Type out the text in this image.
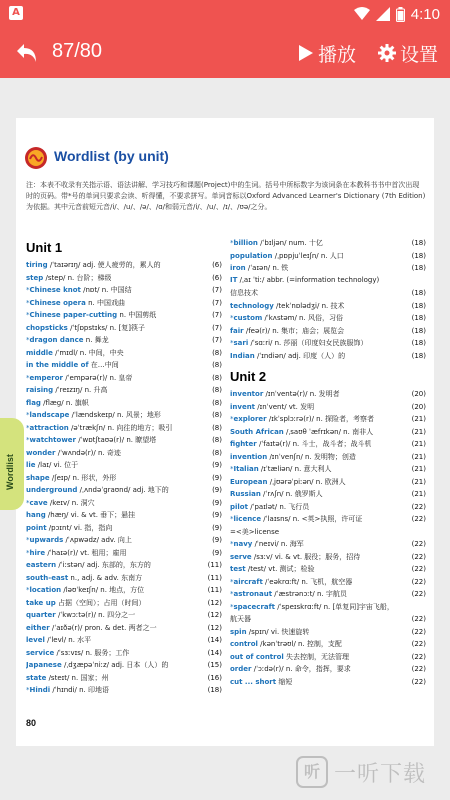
A	4:10
87/80	播放 设置
Wordlist (by unit)
注：本表不收录有关指示语、语法讲解、学习技巧和课题(Project)中的生词。括号中所标数字为该词条在本教科书书中首次出现时的页码。带*号的单词只要求会读、听得懂，不要求拼写。单词音标以Oxford Advanced Learner's Dictionary (7th Edition)为依据。其中元音前短元音/i/、/u/、/ə/、/ɑ/和弱元音/i/、/u/、/ɪ/、/ʊə/之分。
Unit 1
tiring /ˈtaɪərɪŋ/ adj. 使人疲劳的，累人的	(6)
step /step/ n. 台阶；梯级	(6)
*Chinese knot /nɒt/ n. 中国结	(7)
*Chinese opera n. 中国戏曲	(7)
*Chinese paper-cutting n. 中国剪纸	(7)
chopsticks /ˈtʃɒpstɪks/ n. [复]筷子	(7)
*dragon dance n. 舞龙	(7)
middle /ˈmɪdl/ n. 中间，中央	(8)
in the middle of 在…中间	(8)
*emperor /ˈempərə(r)/ n. 皇帝	(8)
raising /ˈreɪzɪŋ/ n. 升高	(8)
flag /flæɡ/ n. 旗帜	(8)
*landscape /ˈlændskeɪp/ n. 风景；地形	(8)
*attraction /əˈtrækʃn/ n. 向往的地方；吸引	(8)
*watchtower /ˈwɒtʃtaʊə(r)/ n. 瞭望塔	(8)
wonder /ˈwʌndə(r)/ n. 奇迹	(8)
lie /laɪ/ vi. 位于	(9)
shape /ʃeɪp/ n. 形状，外形	(9)
underground /ˌʌndəˈɡraʊnd/ adj. 地下的	(9)
*cave /keɪv/ n. 洞穴	(9)
hang /hæŋ/ vi. & vt. 垂下；悬挂	(9)
point /pɔɪnt/ vi. 指，指向	(9)
*upwards /ˈʌpwədz/ adv. 向上	(9)
*hire /ˈhaɪə(r)/ vt. 租用；雇用	(9)
eastern /ˈiːstən/ adj. 东部的，东方的	(11)
south-east n., adj. & adv. 东南方	(11)
*location /ləʊˈkeɪʃn/ n. 地点，方位	(11)
take up 占据（空间）；占用（时间）	(12)
quarter /ˈkwɔːtə(r)/ n. 四分之一	(12)
either /ˈaɪðə(r)/ pron. & det. 两者之一	(12)
level /ˈlevl/ n. 水平	(14)
service /ˈsɜːvɪs/ n. 服务；工作	(14)
Japanese /ˌdʒæpəˈniːz/ adj. 日本（人）的	(15)
state /steɪt/ n. 国家；州	(16)
*Hindi /ˈhɪndi/ n. 印地语	(18)
*billion /ˈbɪljən/ num. 十亿	(18)
population /ˌpɒpjuˈleɪʃn/ n. 人口	(18)
iron /ˈaɪən/ n. 铁	(18)
IT /ˌaɪ ˈtiː/ abbr. (=information technology)
信息技术	(18)
technology /tekˈnɒlədʒi/ n. 技术	(18)
*custom /ˈkʌstəm/ n. 风俗，习俗	(18)
fair /feə(r)/ n. 集市；庙会；展览会	(18)
*sari /ˈsɑːri/ n. 莎丽（印度妇女民族服饰）	(18)
Indian /ˈɪndiən/ adj. 印度（人）的	(18)
Unit 2
inventor /ɪnˈventə(r)/ n. 发明者	(20)
invent /ɪnˈvent/ vt. 发明	(20)
*explorer /ɪkˈsplɔːrə(r)/ n. 探险者，考察者	(21)
South African /ˌsaʊθ ˈæfrɪkən/ n. 南非人	(21)
fighter /ˈfaɪtə(r)/ n. 斗士，战斗者；战斗机	(21)
invention /ɪnˈvenʃn/ n. 发明物；创造	(21)
*Italian /ɪˈtæliən/ n. 意大利人	(21)
European /ˌjʊərəˈpiːən/ n. 欧洲人	(21)
Russian /ˈrʌʃn/ n. 俄罗斯人	(21)
pilot /ˈpaɪlət/ n. 飞行员	(22)
*licence /ˈlaɪsns/ n. <英>执照，许可证	(22)
=<美>license
*navy /ˈneɪvi/ n. 海军	(22)
serve /sɜːv/ vi. & vt. 服役；服务，招待	(22)
test /test/ vt. 测试；检验	(22)
*aircraft /ˈeəkrɑːft/ n. 飞机，航空器	(22)
*astronaut /ˈæstrənɔːt/ n. 宇航员	(22)
*spacecraft /ˈspeɪskrɑːft/ n. [单复同]宇宙飞船，
航天器	(22)
spin /spɪn/ vi. 快速旋转	(22)
control /kənˈtrəʊl/ n. 控制，支配	(22)
out of control 失去控制，无法管理	(22)
order /ˈɔːdə(r)/ n. 命令，指挥，要求	(22)
cut ... short 缩短	(22)
80
Wordlist
听 一听下载
